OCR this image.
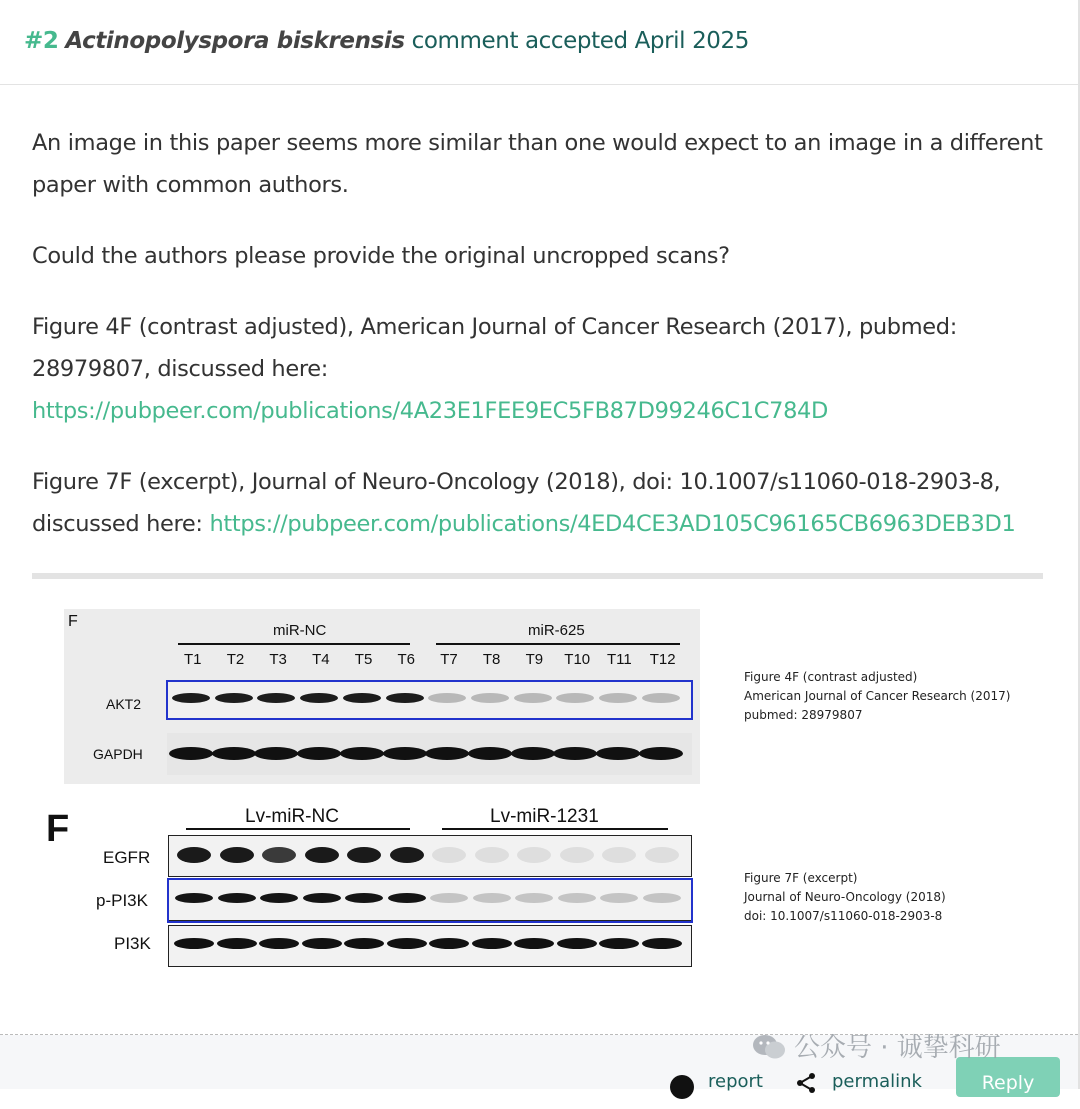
#2 Actinopolyspora biskrensis comment accepted April 2025

An image in this paper seems more similar than one would expect to an image in a different paper with common authors.

Could the authors please provide the original uncropped scans?

Figure 4F (contrast adjusted), American Journal of Cancer Research (2017), pubmed: 28979807, discussed here:
https://pubpeer.com/publications/4A23E1FEE9EC5FB87D99246C1C784D

Figure 7F (excerpt), Journal of Neuro-Oncology (2018), doi: 10.1007/s11060-018-2903-8, discussed here: https://pubpeer.com/publications/4ED4CE3AD105C96165CB6963DEB3D1

F
miR-NC	miR-625
AKT2
GAPDH
T1 T2 T3 T4 T5 T6 T7 T8 T9 T10 T11 T12
Figure 4F (contrast adjusted)
American Journal of Cancer Research (2017)
pubmed: 28979807
F	Lv-miR-NC	Lv-miR-1231
EGFR
p-PI3K
PI3K
Figure 7F (excerpt)
Journal of Neuro-Oncology (2018)
doi: 10.1007/s11060-018-2903-8
report	permalink	Reply
公众号 · 诚挚科研
